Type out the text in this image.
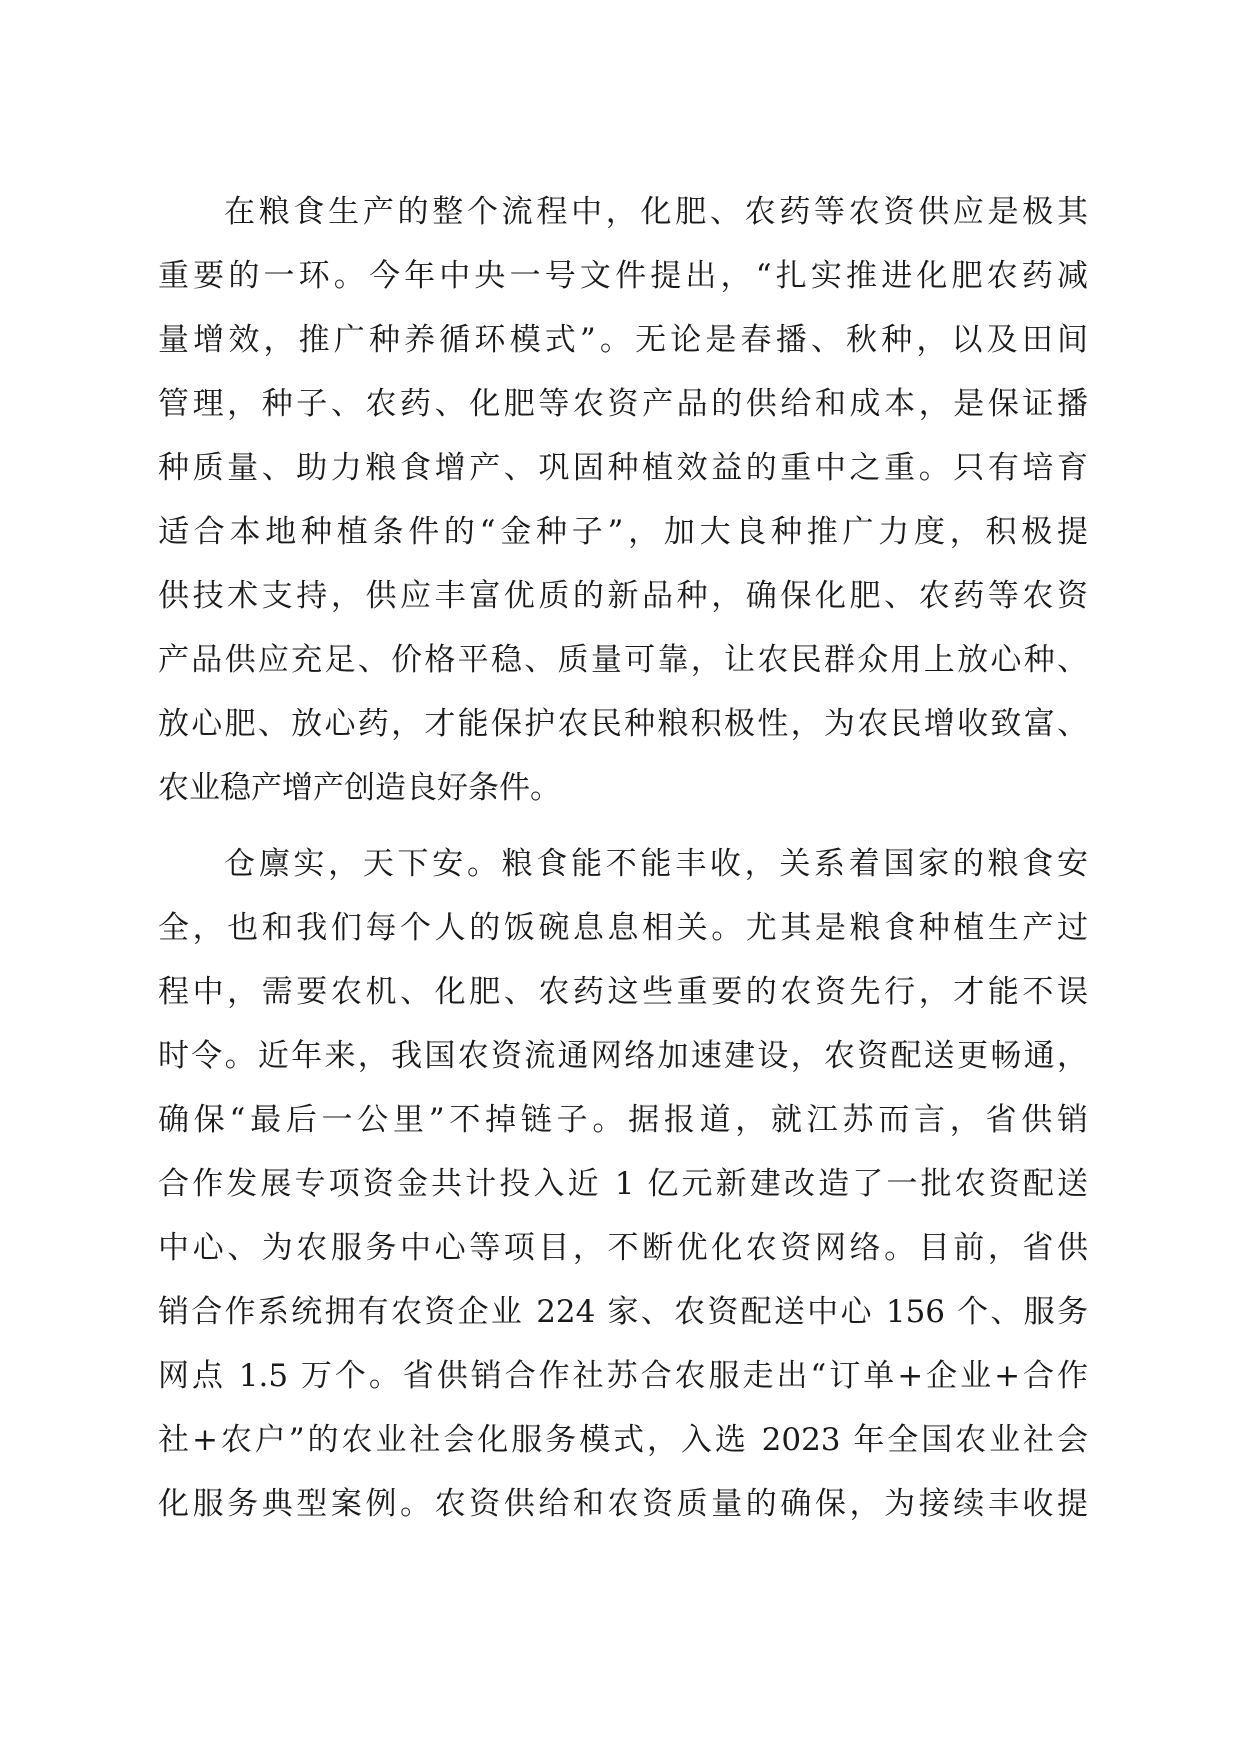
在粮食生产的整个流程中，化肥、农药等农资供应是极其
重要的一环。今年中央一号文件提出，“扎实推进化肥农药减
量增效，推广种养循环模式”。无论是春播、秋种，以及田间
管理，种子、农药、化肥等农资产品的供给和成本，是保证播
种质量、助力粮食增产、巩固种植效益的重中之重。只有培育
适合本地种植条件的“金种子”，加大良种推广力度，积极提
供技术支持，供应丰富优质的新品种，确保化肥、农药等农资
产品供应充足、价格平稳、质量可靠，让农民群众用上放心种、
放心肥、放心药，才能保护农民种粮积极性，为农民增收致富、
农业稳产增产创造良好条件。
仓廪实，天下安。粮食能不能丰收，关系着国家的粮食安
全，也和我们每个人的饭碗息息相关。尤其是粮食种植生产过
程中，需要农机、化肥、农药这些重要的农资先行，才能不误
时令。近年来，我国农资流通网络加速建设，农资配送更畅通，
确保“最后一公里”不掉链子。据报道，就江苏而言，省供销
合作发展专项资金共计投入近 1 亿元新建改造了一批农资配送
中心、为农服务中心等项目，不断优化农资网络。目前，省供
销合作系统拥有农资企业 224 家、农资配送中心 156 个、服务
网点 1.5 万个。省供销合作社苏合农服走出“订单+企业+合作
社+农户”的农业社会化服务模式，入选 2023 年全国农业社会
化服务典型案例。农资供给和农资质量的确保，为接续丰收提
